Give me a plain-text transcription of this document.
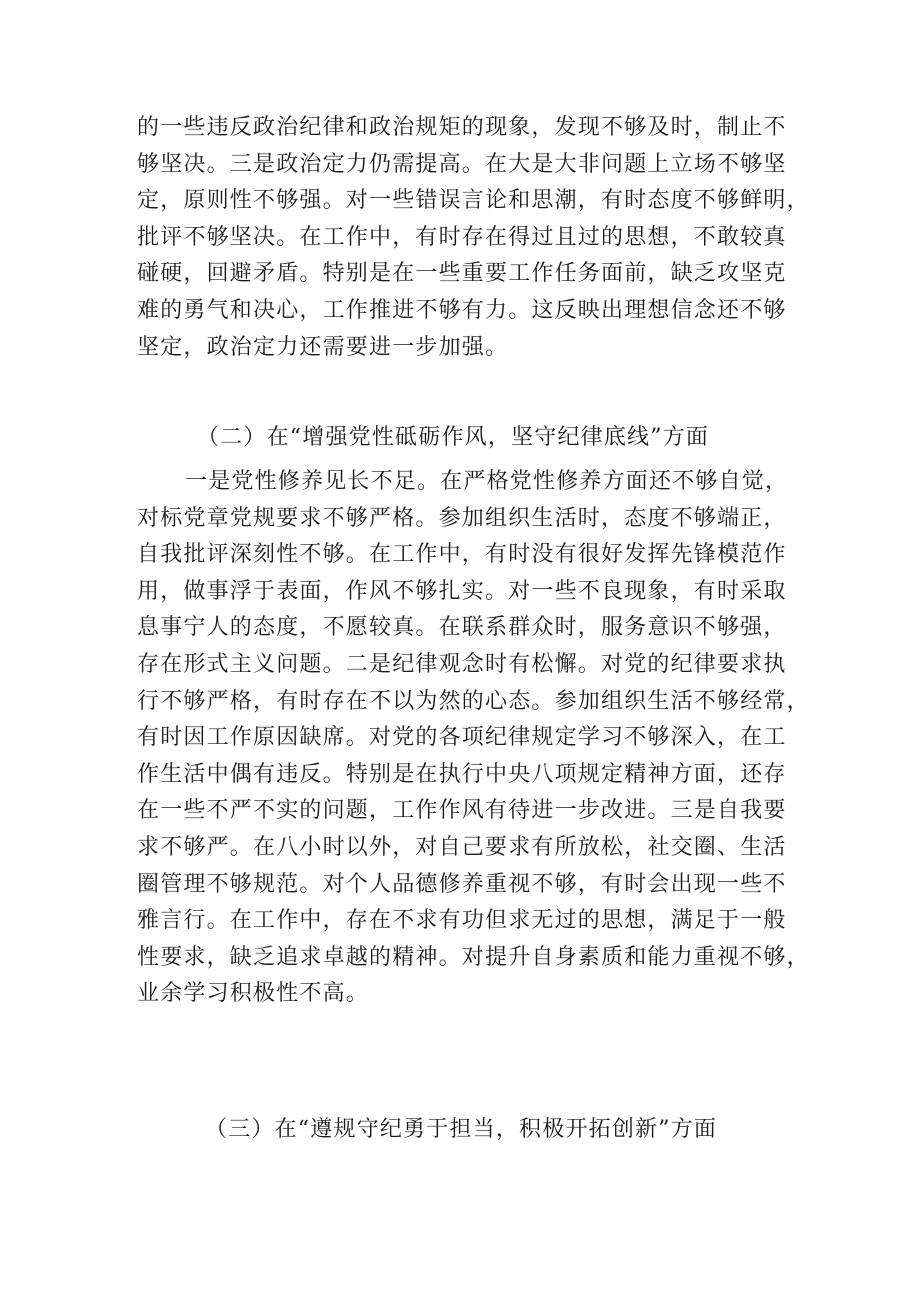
的一些违反政治纪律和政治规矩的现象，发现不够及时，制止不
够坚决。三是政治定力仍需提高。在大是大非问题上立场不够坚
定，原则性不够强。对一些错误言论和思潮，有时态度不够鲜明，
批评不够坚决。在工作中，有时存在得过且过的思想，不敢较真
碰硬，回避矛盾。特别是在一些重要工作任务面前，缺乏攻坚克
难的勇气和决心，工作推进不够有力。这反映出理想信念还不够
坚定，政治定力还需要进一步加强。
（二）在“增强党性砥砺作风，坚守纪律底线”方面
一是党性修养见长不足。在严格党性修养方面还不够自觉，
对标党章党规要求不够严格。参加组织生活时，态度不够端正，
自我批评深刻性不够。在工作中，有时没有很好发挥先锋模范作
用，做事浮于表面，作风不够扎实。对一些不良现象，有时采取
息事宁人的态度，不愿较真。在联系群众时，服务意识不够强，
存在形式主义问题。二是纪律观念时有松懈。对党的纪律要求执
行不够严格，有时存在不以为然的心态。参加组织生活不够经常，
有时因工作原因缺席。对党的各项纪律规定学习不够深入，在工
作生活中偶有违反。特别是在执行中央八项规定精神方面，还存
在一些不严不实的问题，工作作风有待进一步改进。三是自我要
求不够严。在八小时以外，对自己要求有所放松，社交圈、生活
圈管理不够规范。对个人品德修养重视不够，有时会出现一些不
雅言行。在工作中，存在不求有功但求无过的思想，满足于一般
性要求，缺乏追求卓越的精神。对提升自身素质和能力重视不够，
业余学习积极性不高。
（三）在“遵规守纪勇于担当，积极开拓创新”方面
